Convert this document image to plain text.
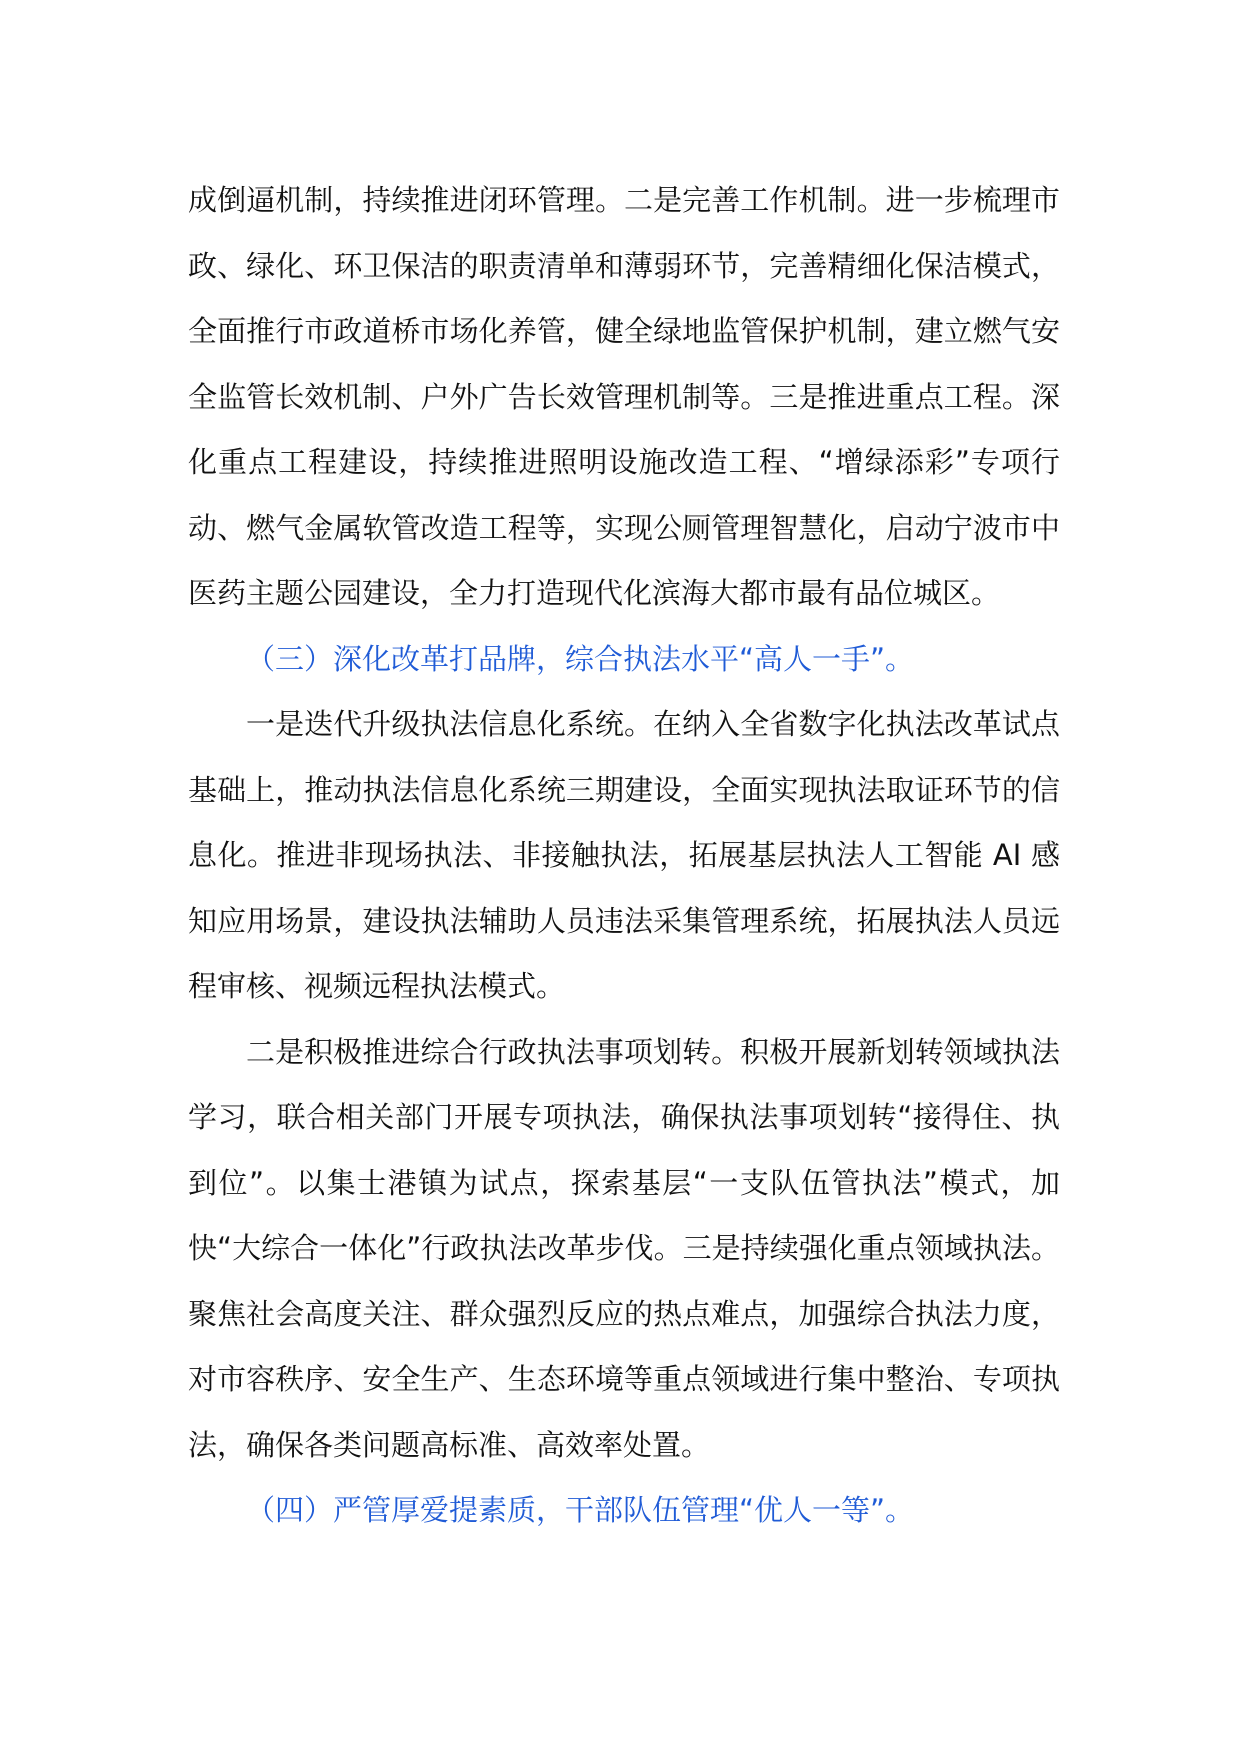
成倒逼机制，持续推进闭环管理。二是完善工作机制。进一步梳理市政、绿化、环卫保洁的职责清单和薄弱环节，完善精细化保洁模式，全面推行市政道桥市场化养管，健全绿地监管保护机制，建立燃气安全监管长效机制、户外广告长效管理机制等。三是推进重点工程。深化重点工程建设，持续推进照明设施改造工程、“增绿添彩”专项行动、燃气金属软管改造工程等，实现公厕管理智慧化，启动宁波市中医药主题公园建设，全力打造现代化滨海大都市最有品位城区。

（三）深化改革打品牌，综合执法水平“高人一手”。

一是迭代升级执法信息化系统。在纳入全省数字化执法改革试点基础上，推动执法信息化系统三期建设，全面实现执法取证环节的信息化。推进非现场执法、非接触执法，拓展基层执法人工智能 AI 感知应用场景，建设执法辅助人员违法采集管理系统，拓展执法人员远程审核、视频远程执法模式。

二是积极推进综合行政执法事项划转。积极开展新划转领域执法学习，联合相关部门开展专项执法，确保执法事项划转“接得住、执到位”。以集士港镇为试点，探索基层“一支队伍管执法”模式，加快“大综合一体化”行政执法改革步伐。三是持续强化重点领域执法。聚焦社会高度关注、群众强烈反应的热点难点，加强综合执法力度，对市容秩序、安全生产、生态环境等重点领域进行集中整治、专项执法，确保各类问题高标准、高效率处置。

（四）严管厚爱提素质，干部队伍管理“优人一等”。
